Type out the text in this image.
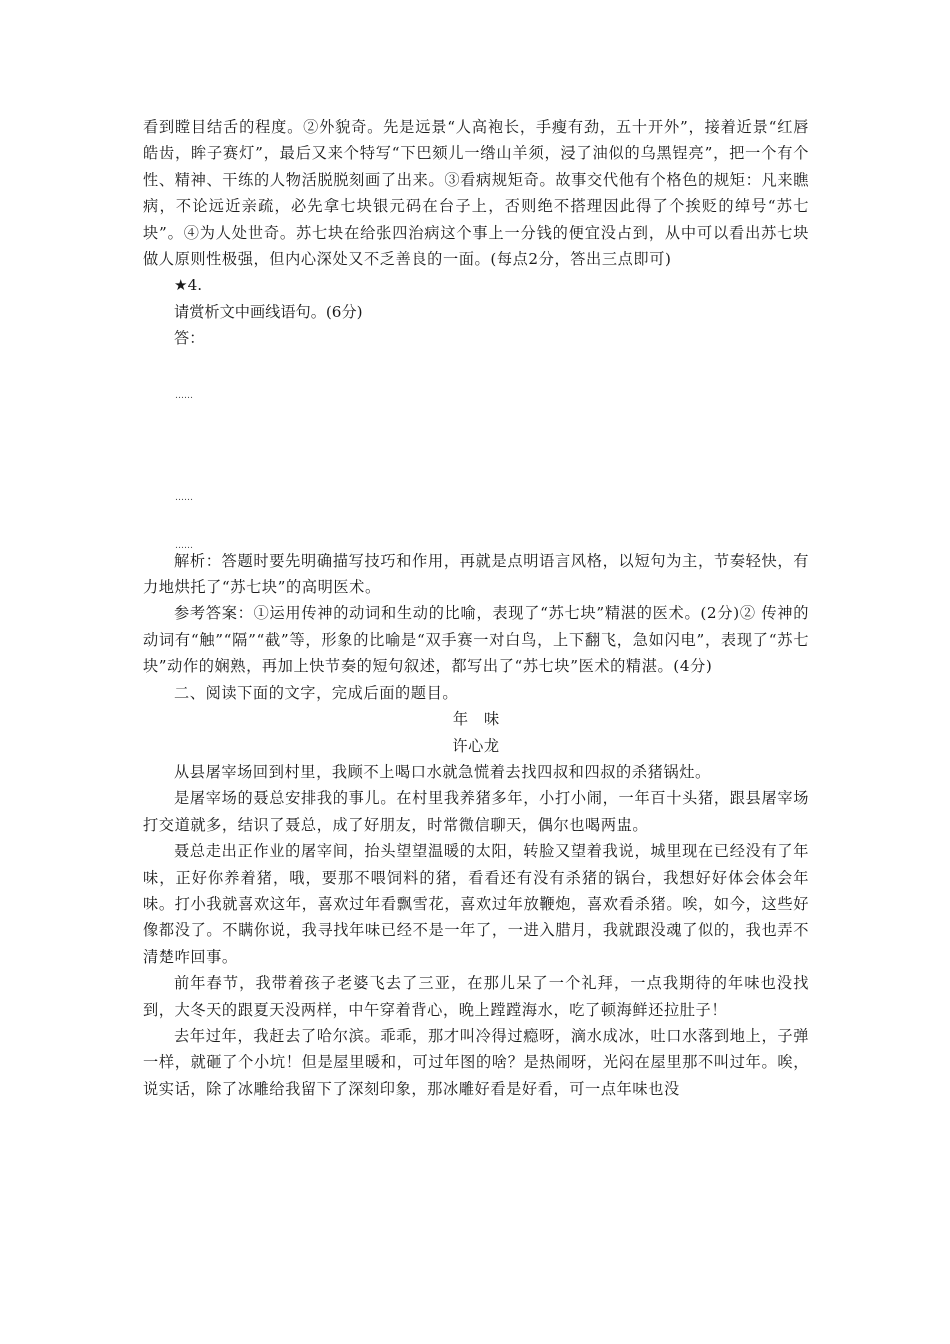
看到瞠目结舌的程度。②外貌奇。先是远景“人高袍长，手瘦有劲，五十开外”，接着近景“红唇皓齿，眸子赛灯”，最后又来个特写“下巴颏儿一绺山羊须，浸了油似的乌黑锃亮”，把一个有个性、精神、干练的人物活脱脱刻画了出来。③看病规矩奇。故事交代他有个格色的规矩：凡来瞧病，不论远近亲疏，必先拿七块银元码在台子上，否则绝不搭理因此得了个挨贬的绰号“苏七块”。④为人处世奇。苏七块在给张四治病这个事上一分钱的便宜没占到，从中可以看出苏七块做人原则性极强，但内心深处又不乏善良的一面。(每点2分，答出三点即可)

★4.

请赏析文中画线语句。(6分)

答：

……

……

……

解析：答题时要先明确描写技巧和作用，再就是点明语言风格，以短句为主，节奏轻快，有力地烘托了“苏七块”的高明医术。

参考答案：①运用传神的动词和生动的比喻，表现了“苏七块”精湛的医术。(2分)② 传神的动词有“触”“隔”“截”等，形象的比喻是“双手赛一对白鸟，上下翻飞，急如闪电”，表现了“苏七块”动作的娴熟，再加上快节奏的短句叙述，都写出了“苏七块”医术的精湛。(4分)

二、阅读下面的文字，完成后面的题目。

年味

许心龙

从县屠宰场回到村里，我顾不上喝口水就急慌着去找四叔和四叔的杀猪锅灶。

是屠宰场的聂总安排我的事儿。在村里我养猪多年，小打小闹，一年百十头猪，跟县屠宰场打交道就多，结识了聂总，成了好朋友，时常微信聊天，偶尔也喝两盅。

聂总走出正作业的屠宰间，抬头望望温暖的太阳，转脸又望着我说，城里现在已经没有了年味，正好你养着猪，哦，要那不喂饲料的猪，看看还有没有杀猪的锅台，我想好好体会体会年味。打小我就喜欢这年，喜欢过年看飘雪花，喜欢过年放鞭炮，喜欢看杀猪。唉，如今，这些好像都没了。不瞒你说，我寻找年味已经不是一年了，一进入腊月，我就跟没魂了似的，我也弄不清楚咋回事。

前年春节，我带着孩子老婆飞去了三亚，在那儿呆了一个礼拜，一点我期待的年味也没找到，大冬天的跟夏天没两样，中午穿着背心，晚上蹚蹚海水，吃了顿海鲜还拉肚子！

去年过年，我赶去了哈尔滨。乖乖，那才叫冷得过瘾呀，滴水成冰，吐口水落到地上，子弹一样，就砸了个小坑！但是屋里暖和，可过年图的啥？是热闹呀，光闷在屋里那不叫过年。唉，说实话，除了冰雕给我留下了深刻印象，那冰雕好看是好看，可一点年味也没
